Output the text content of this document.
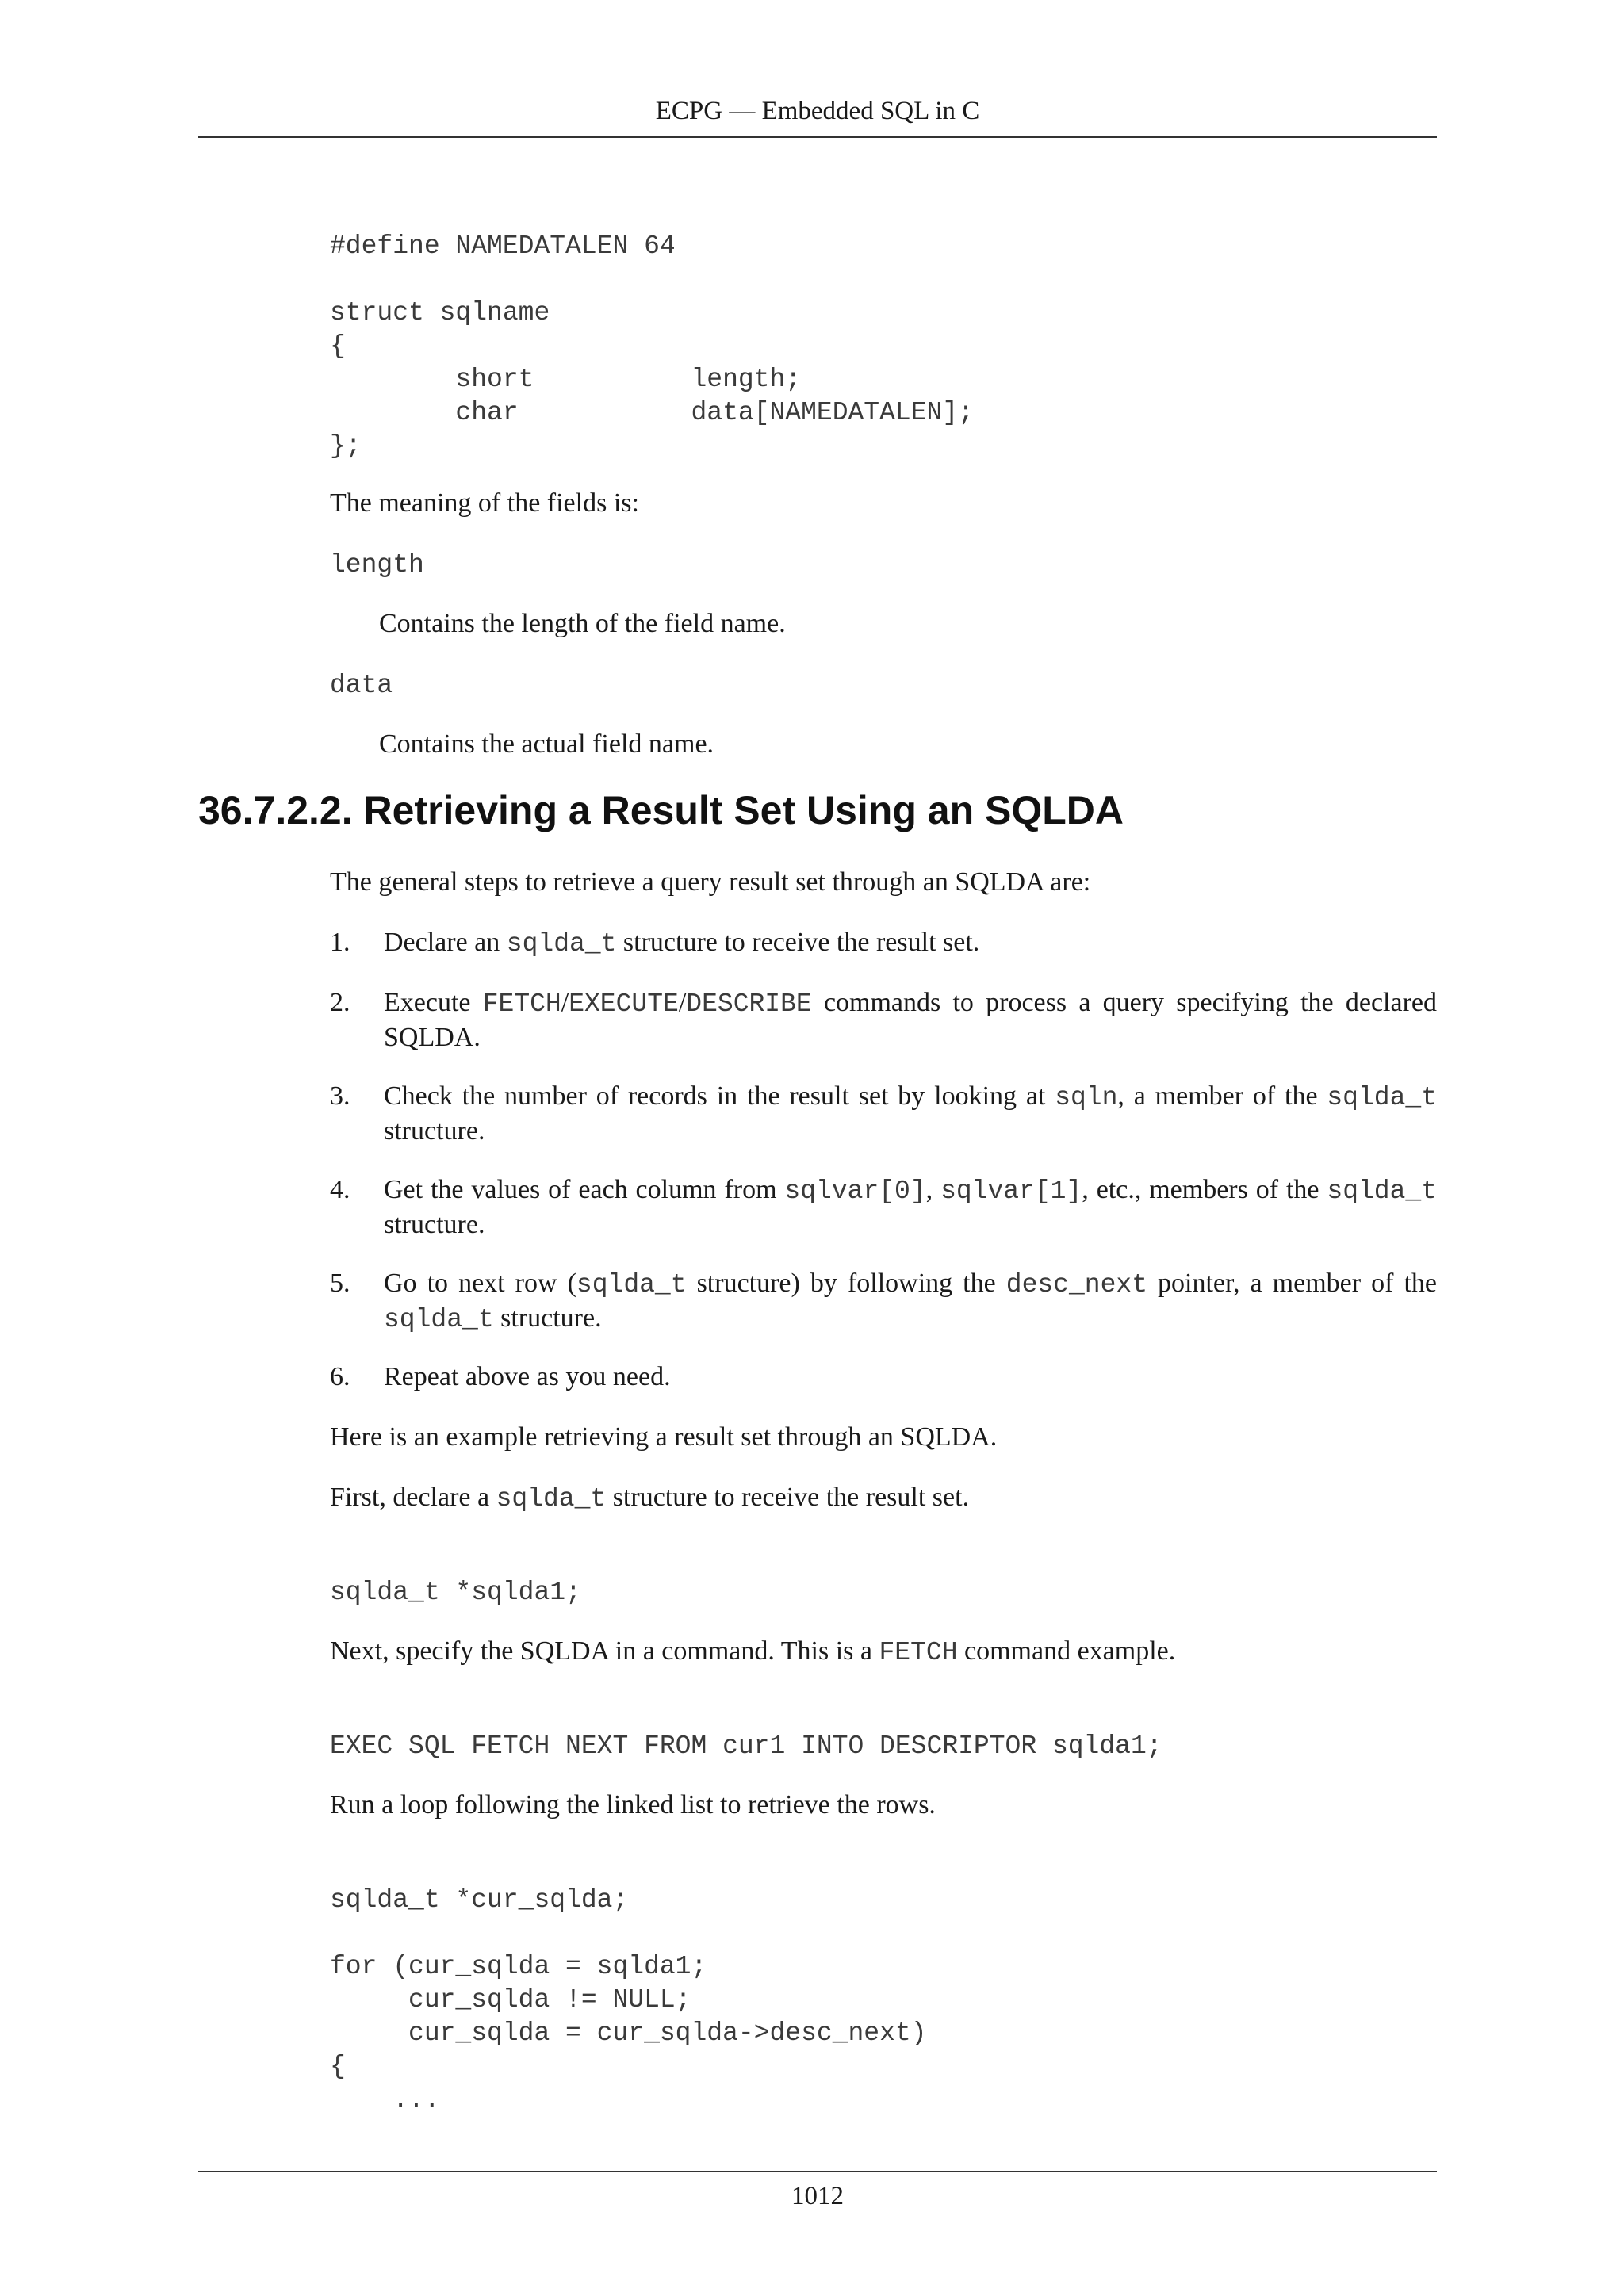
ECPG — Embedded SQL in C
#define NAMEDATALEN 64
struct sqlname
{
short          length;
char           data[NAMEDATALEN];
};
The meaning of the fields is:
length
Contains the length of the field name.
data
Contains the actual field name.
36.7.2.2. Retrieving a Result Set Using an SQLDA
The general steps to retrieve a query result set through an SQLDA are:
1. Declare an sqlda_t structure to receive the result set.
2. Execute FETCH/EXECUTE/DESCRIBE commands to process a query specifying the declared SQLDA.
3. Check the number of records in the result set by looking at sqln, a member of the sqlda_t structure.
4. Get the values of each column from sqlvar[0], sqlvar[1], etc., members of the sqlda_t structure.
5. Go to next row (sqlda_t structure) by following the desc_next pointer, a member of the sqlda_t structure.
6. Repeat above as you need.
Here is an example retrieving a result set through an SQLDA.
First, declare a sqlda_t structure to receive the result set.
sqlda_t *sqlda1;
Next, specify the SQLDA in a command. This is a FETCH command example.
EXEC SQL FETCH NEXT FROM cur1 INTO DESCRIPTOR sqlda1;
Run a loop following the linked list to retrieve the rows.
sqlda_t *cur_sqlda;
for (cur_sqlda = sqlda1;
cur_sqlda != NULL;
cur_sqlda = cur_sqlda->desc_next)
{
...
1012
